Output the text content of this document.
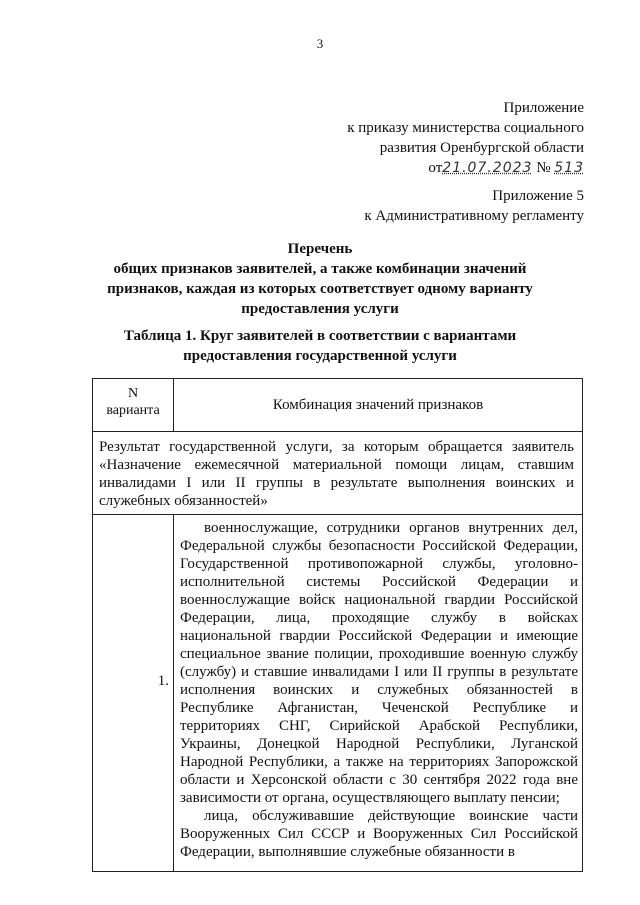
3
Приложение
к приказу министерства социального
развития Оренбургской области
от21.07.2023 № 513
Приложение 5
к Административному регламенту
Перечень
общих признаков заявителей, а также комбинации значений
признаков, каждая из которых соответствует одному варианту
предоставления услуги
Таблица 1. Круг заявителей в соответствии с вариантами
предоставления государственной услуги
N
варианта	Комбинация значений признаков
Результат государственной услуги, за которым обращается заявитель «Назначение ежемесячной материальной помощи лицам, ставшим инвалидами I или II группы в результате выполнения воинских и служебных обязанностей»	

1.	военнослужащие, сотрудники органов внутренних дел, Федеральной службы безопасности Российской Федерации, Государственной противопожарной службы, уголовно-исполнительной системы Российской Федерации и военнослужащие войск национальной гвардии Российской Федерации, лица, проходящие службу в войсках национальной гвардии Российской Федерации и имеющие специальное звание полиции, проходившие военную службу (службу) и ставшие инвалидами I или II группы в результате исполнения воинских и служебных обязанностей в Республике Афганистан, Чеченской Республике и территориях СНГ, Сирийской Арабской Республики, Украины, Донецкой Народной Республики, Луганской Народной Республики, а также на территориях Запорожской области и Херсонской области с 30 сентября 2022 года вне зависимости от органа, осуществляющего выплату пенсии;

лица, обслуживавшие действующие воинские части Вооруженных Сил СССР и Вооруженных Сил Российской Федерации, выполнявшие служебные обязанности в
